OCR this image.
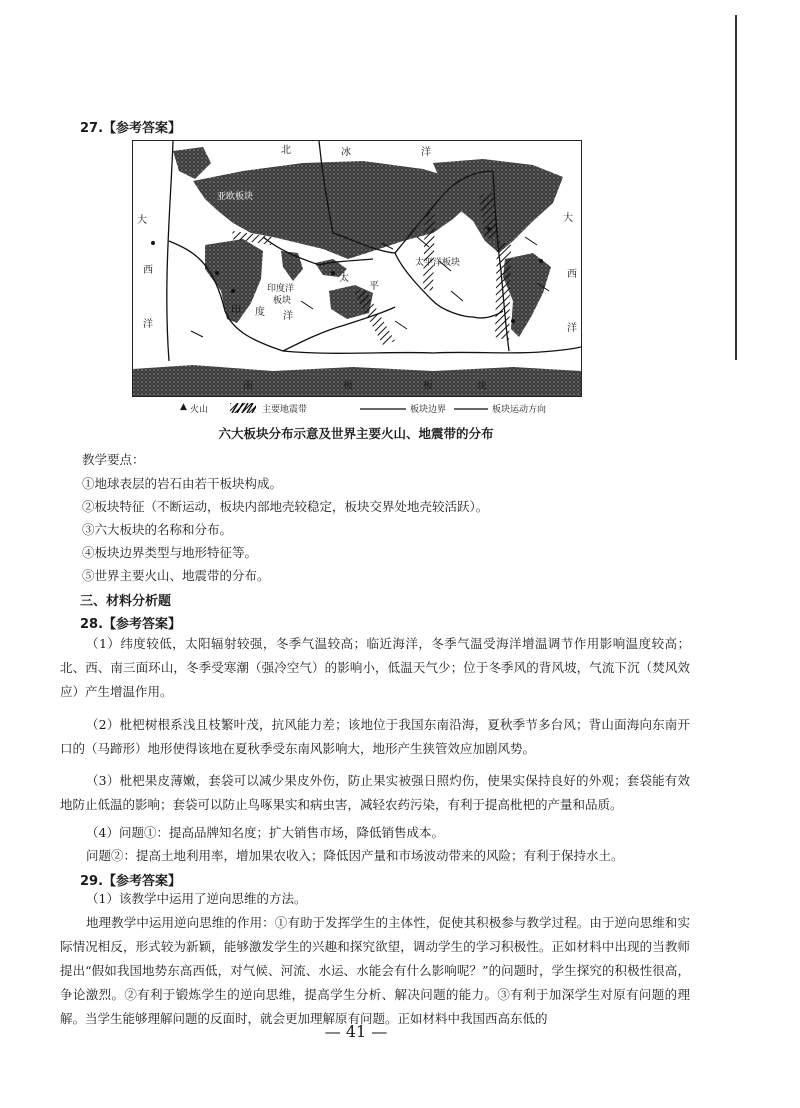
27.【参考答案】
北	冰	洋
大
西
洋
印 度 洋
亚欧板块
印度洋
板块
太平洋板块
太
平
大
西
洋
南	极	板	块
▲ 火山	主要地震带	板块边界	板块运动方向
六大板块分布示意及世界主要火山、地震带的分布
教学要点：
①地球表层的岩石由若干板块构成。
②板块特征（不断运动，板块内部地壳较稳定，板块交界处地壳较活跃）。
③六大板块的名称和分布。
④板块边界类型与地形特征等。
⑤世界主要火山、地震带的分布。
三、材料分析题
28.【参考答案】
（1）纬度较低，太阳辐射较强，冬季气温较高；临近海洋，冬季气温受海洋增温调节作用影响温度较高；北、西、南三面环山，冬季受寒潮（强冷空气）的影响小，低温天气少；位于冬季风的背风坡，气流下沉（焚风效应）产生增温作用。
（2）枇杷树根系浅且枝繁叶茂，抗风能力差；该地位于我国东南沿海，夏秋季节多台风；背山面海向东南开口的（马蹄形）地形使得该地在夏秋季受东南风影响大，地形产生狭管效应加剧风势。
（3）枇杷果皮薄嫩，套袋可以减少果皮外伤，防止果实被强日照灼伤，使果实保持良好的外观；套袋能有效地防止低温的影响；套袋可以防止鸟啄果实和病虫害，减轻农药污染，有利于提高枇杷的产量和品质。
（4）问题①：提高品牌知名度；扩大销售市场，降低销售成本。
问题②：提高土地利用率，增加果农收入；降低因产量和市场波动带来的风险；有利于保持水土。
29.【参考答案】
（1）该教学中运用了逆向思维的方法。
地理教学中运用逆向思维的作用：①有助于发挥学生的主体性，促使其积极参与教学过程。由于逆向思维和实际情况相反，形式较为新颖，能够激发学生的兴趣和探究欲望，调动学生的学习积极性。正如材料中出现的当教师提出“假如我国地势东高西低，对气候、河流、水运、水能会有什么影响呢？”的问题时，学生探究的积极性很高，争论激烈。②有利于锻炼学生的逆向思维，提高学生分析、解决问题的能力。③有利于加深学生对原有问题的理解。当学生能够理解问题的反面时，就会更加理解原有问题。正如材料中我国西高东低的
— 41 —
